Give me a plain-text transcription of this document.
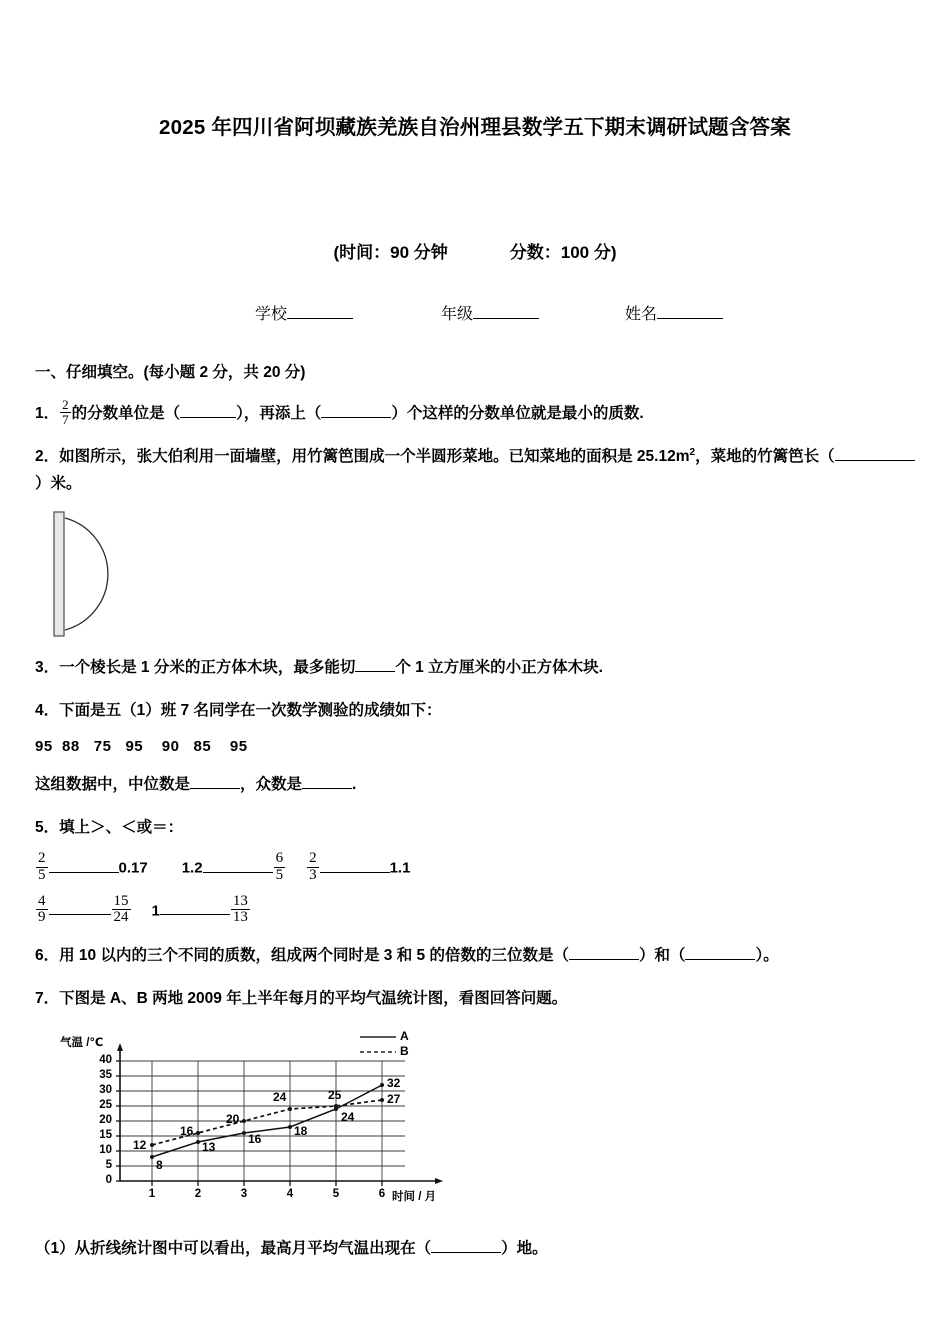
2025 年四川省阿坝藏族羌族自治州理县数学五下期末调研试题含答案
(时间：90 分钟	分数：100 分)
学校	年级	姓名
一、仔细填空。(每小题 2 分，共 20 分)
1． $\frac{2}{7}$ 的分数单位是（	），再添上（	）个这样的分数单位就是最小的质数.
2．如图所示，张大伯利用一面墙壁，用竹篱笆围成一个半圆形菜地。已知菜地的面积是 $25.12m^2$，菜地的竹篱笆长（）米。
3．一个棱长是 1 分米的正方体木块，最多能切	个 1 立方厘米的小正方体木块.
4．下面是五（1）班 7 名同学在一次数学测验的成绩如下：
95 88 75 95 90 85 95
这组数据中，中位数是	，众数是	.
5．填上＞、＜或＝：
$\frac{2}{5}$	0.17 1.2	$\frac{6}{5} \frac{2}{3}$	1.1
$\frac{4}{9}$	$\frac{15}{24} 1$	$\frac{13}{13}$
6．用 10 以内的三个不同的质数，组成两个同时是 3 和 5 的倍数的三位数是（	）和（	）。
7．下图是 A、B 两地 2009 年上半年每月的平均气温统计图，看图回答问题。
气温 /℃	A
B
40
35
30
25
20
15
10
5
0
1	2	3	4	5	6 时间 / 月
8
13
16
18
24
32
12
16
20
24	25	27
（1）从折线统计图中可以看出，最高月平均气温出现在（	）地。
